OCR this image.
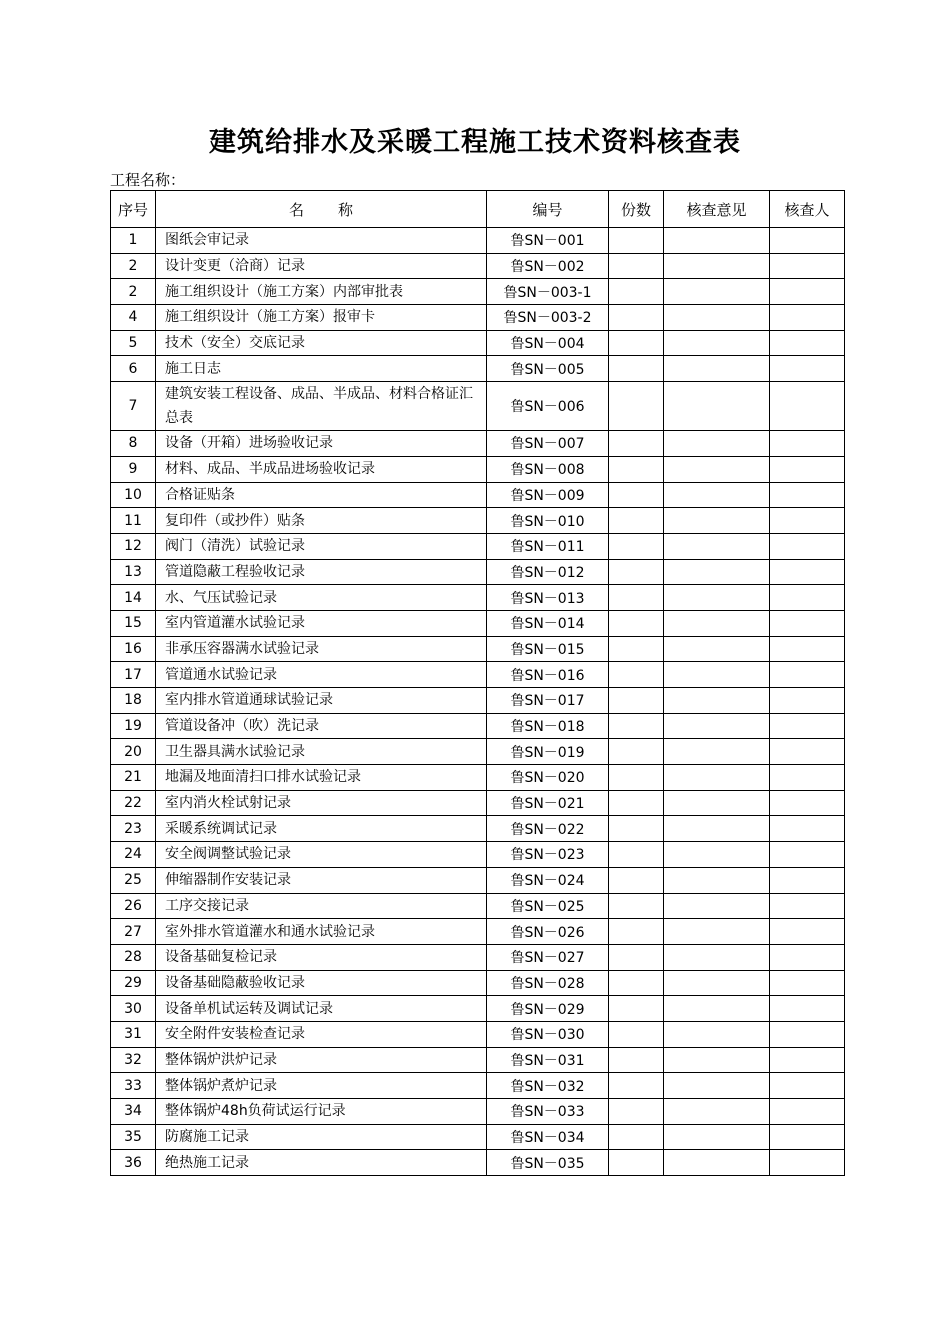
建筑给排水及采暖工程施工技术资料核查表
工程名称：
序号	名 称	编号	份数	核查意见	核查人
1	图纸会审记录	鲁SN－001			
2	设计变更（洽商）记录	鲁SN－002			
2	施工组织设计（施工方案）内部审批表	鲁SN－003-1			
4	施工组织设计（施工方案）报审卡	鲁SN－003-2			
5	技术（安全）交底记录	鲁SN－004			
6	施工日志	鲁SN－005			
7	建筑安装工程设备、成品、半成品、材料合格证汇总表	鲁SN－006			
8	设备（开箱）进场验收记录	鲁SN－007			
9	材料、成品、半成品进场验收记录	鲁SN－008			
10	合格证贴条	鲁SN－009			
11	复印件（或抄件）贴条	鲁SN－010			
12	阀门（清洗）试验记录	鲁SN－011			
13	管道隐蔽工程验收记录	鲁SN－012			
14	水、气压试验记录	鲁SN－013			
15	室内管道灌水试验记录	鲁SN－014			
16	非承压容器满水试验记录	鲁SN－015			
17	管道通水试验记录	鲁SN－016			
18	室内排水管道通球试验记录	鲁SN－017			
19	管道设备冲（吹）洗记录	鲁SN－018			
20	卫生器具满水试验记录	鲁SN－019			
21	地漏及地面清扫口排水试验记录	鲁SN－020			
22	室内消火栓试射记录	鲁SN－021			
23	采暖系统调试记录	鲁SN－022			
24	安全阀调整试验记录	鲁SN－023			
25	伸缩器制作安装记录	鲁SN－024			
26	工序交接记录	鲁SN－025			
27	室外排水管道灌水和通水试验记录	鲁SN－026			
28	设备基础复检记录	鲁SN－027			
29	设备基础隐蔽验收记录	鲁SN－028			
30	设备单机试运转及调试记录	鲁SN－029			
31	安全附件安装检查记录	鲁SN－030			
32	整体锅炉洪炉记录	鲁SN－031			
33	整体锅炉煮炉记录	鲁SN－032			
34	整体锅炉48h负荷试运行记录	鲁SN－033			
35	防腐施工记录	鲁SN－034			
36	绝热施工记录	鲁SN－035			
